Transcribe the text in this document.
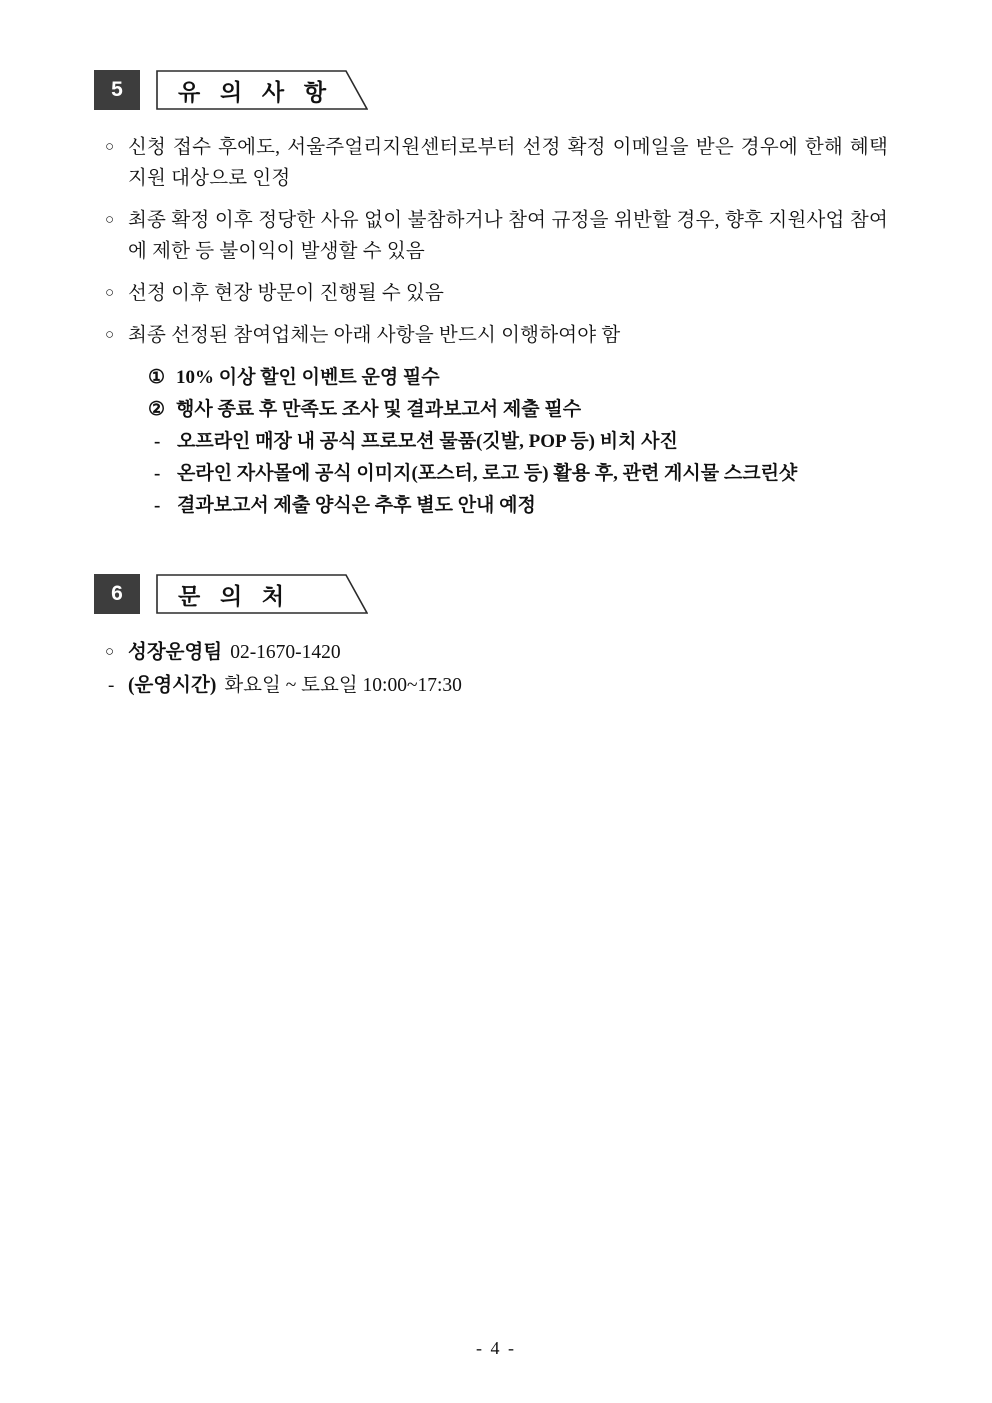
5	유 의 사 항
○ 신청 접수 후에도, 서울주얼리지원센터로부터 선정 확정 이메일을 받은 경우에 한해 혜택 지원 대상으로 인정
○ 최종 확정 이후 정당한 사유 없이 불참하거나 참여 규정을 위반할 경우, 향후 지원사업 참여에 제한 등 불이익이 발생할 수 있음
○ 선정 이후 현장 방문이 진행될 수 있음
○ 최종 선정된 참여업체는 아래 사항을 반드시 이행하여야 함
① 10% 이상 할인 이벤트 운영 필수
② 행사 종료 후 만족도 조사 및 결과보고서 제출 필수
- 오프라인 매장 내 공식 프로모션 물품(깃발, POP 등) 비치 사진
- 온라인 자사몰에 공식 이미지(포스터, 로고 등) 활용 후, 관련 게시물 스크린샷
- 결과보고서 제출 양식은 추후 별도 안내 예정
6	문 의 처
○ 성장운영팀 02-1670-1420
- (운영시간) 화요일 ~ 토요일 10:00~17:30
- 4 -
